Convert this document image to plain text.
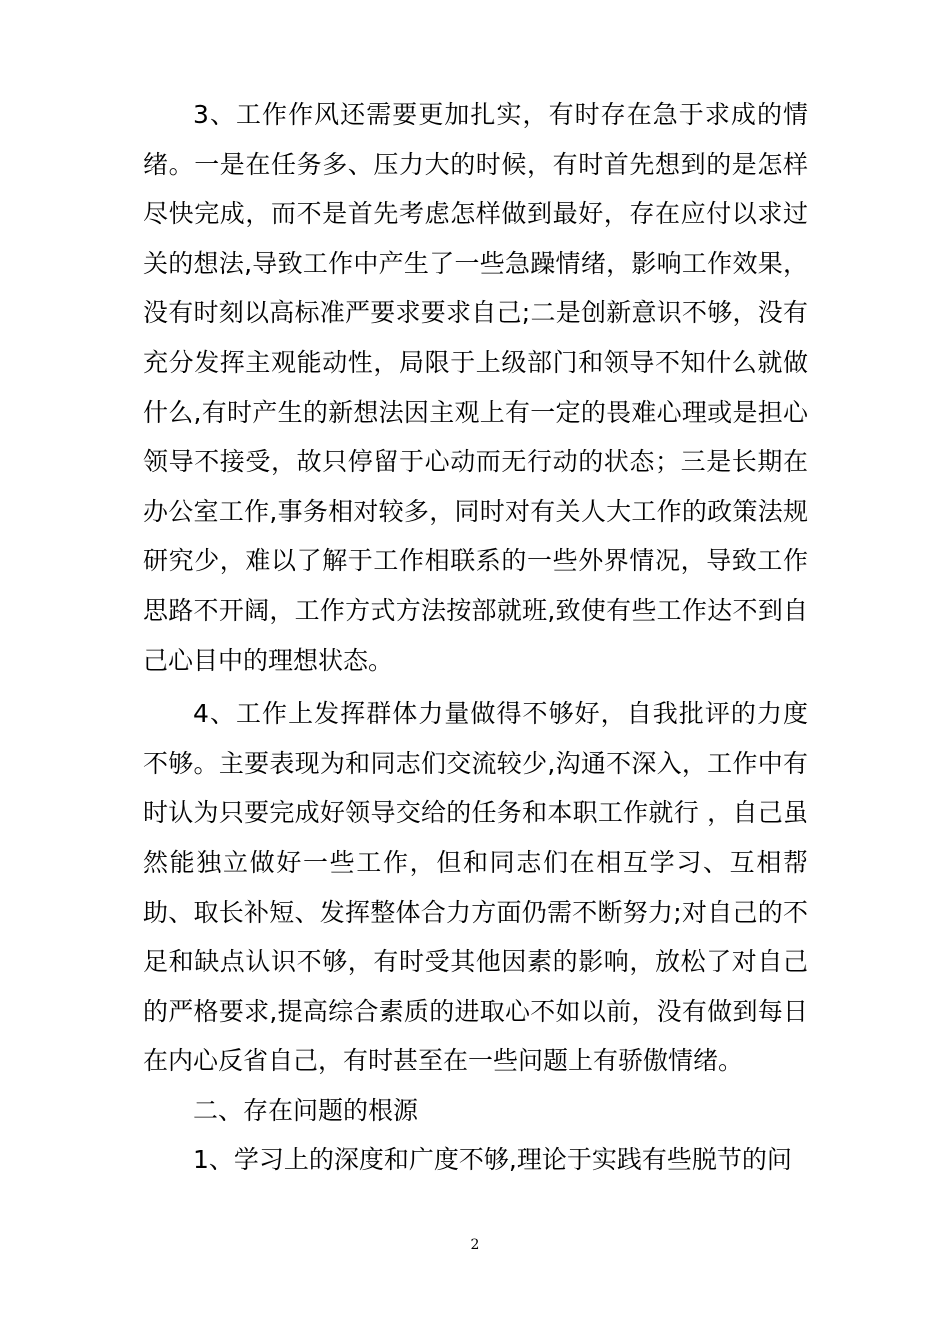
3、工作作风还需要更加扎实，有时存在急于求成的情绪。一是在任务多、压力大的时候，有时首先想到的是怎样尽快完成，而不是首先考虑怎样做到最好，存在应付以求过关的想法,导致工作中产生了一些急躁情绪，影响工作效果，没有时刻以高标准严要求要求自己;二是创新意识不够，没有充分发挥主观能动性，局限于上级部门和领导不知什么就做什么,有时产生的新想法因主观上有一定的畏难心理或是担心领导不接受，故只停留于心动而无行动的状态；三是长期在办公室工作,事务相对较多，同时对有关人大工作的政策法规研究少，难以了解于工作相联系的一些外界情况，导致工作思路不开阔，工作方式方法按部就班,致使有些工作达不到自己心目中的理想状态。

4、工作上发挥群体力量做得不够好，自我批评的力度不够。主要表现为和同志们交流较少,沟通不深入，工作中有时认为只要完成好领导交给的任务和本职工作就行 ，自己虽然能独立做好一些工作，但和同志们在相互学习、互相帮助、取长补短、发挥整体合力方面仍需不断努力;对自己的不足和缺点认识不够，有时受其他因素的影响，放松了对自己的严格要求,提高综合素质的进取心不如以前，没有做到每日在内心反省自己，有时甚至在一些问题上有骄傲情绪。

二、存在问题的根源

1、学习上的深度和广度不够,理论于实践有些脱节的问

2
